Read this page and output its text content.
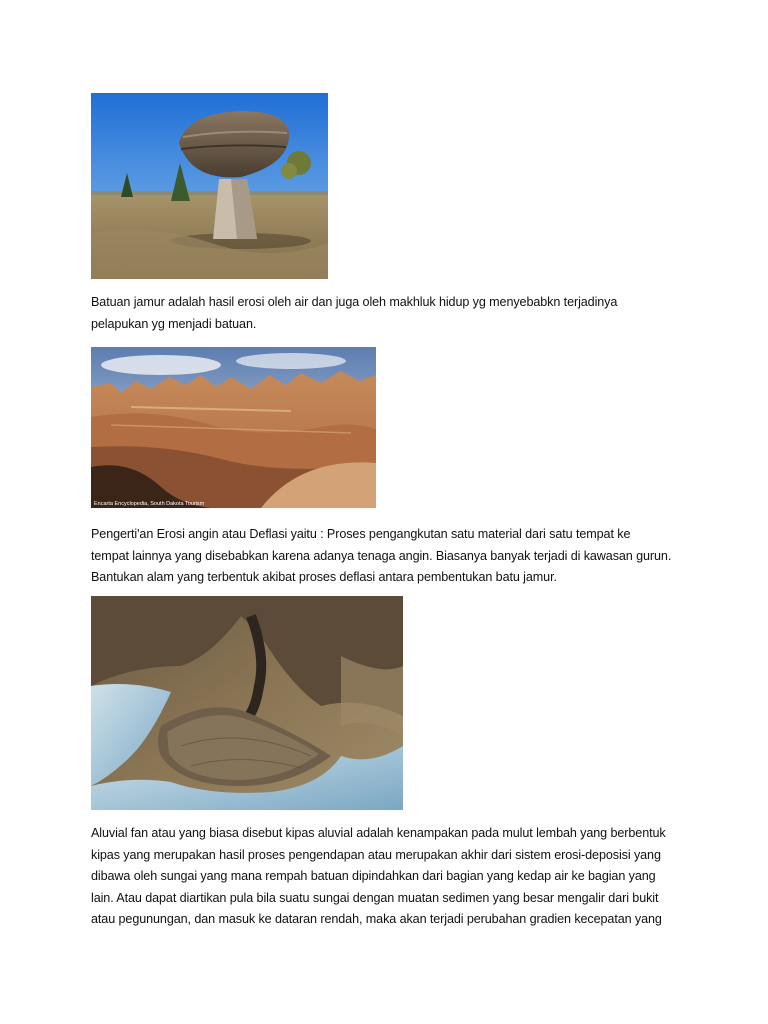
Batuan jamur adalah hasil erosi oleh air dan juga oleh makhluk hidup yg menyebabkn terjadinya
pelapukan yg menjadi batuan.

Encarta Encyclopedia, South Dakota Tourism

Pengerti'an Erosi angin atau Deflasi yaitu : Proses pengangkutan satu material dari satu tempat ke
tempat lainnya yang disebabkan karena adanya tenaga angin. Biasanya banyak terjadi di kawasan gurun.
Bantukan alam yang terbentuk akibat proses deflasi antara pembentukan batu jamur.

Aluvial fan atau yang biasa disebut kipas aluvial adalah kenampakan pada mulut lembah yang berbentuk
kipas yang merupakan hasil proses pengendapan atau merupakan akhir dari sistem erosi-deposisi yang
dibawa oleh sungai yang mana rempah batuan dipindahkan dari bagian yang kedap air ke bagian yang
lain. Atau dapat diartikan pula bila suatu sungai dengan muatan sedimen yang besar mengalir dari bukit
atau pegunungan, dan masuk ke dataran rendah, maka akan terjadi perubahan gradien kecepatan yang
